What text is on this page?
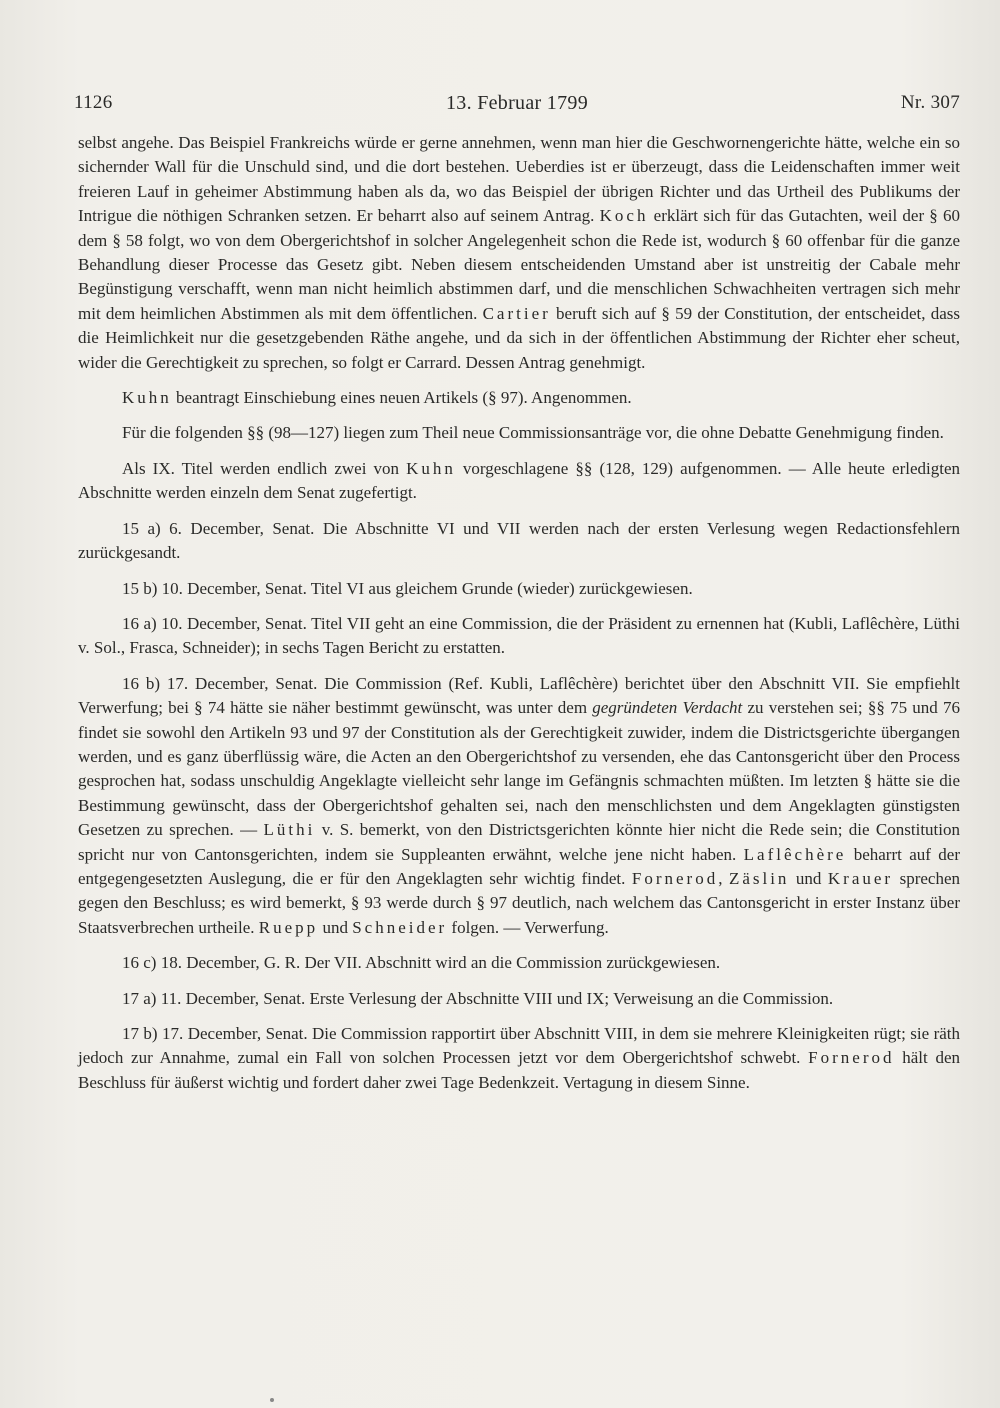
1126	13. Februar 1799	Nr. 307

selbst angehe. Das Beispiel Frankreichs würde er gerne annehmen, wenn man hier die Geschwornengerichte hätte, welche ein so sichernder Wall für die Unschuld sind, und die dort bestehen. Ueberdies ist er überzeugt, dass die Leidenschaften immer weit freieren Lauf in geheimer Abstimmung haben als da, wo das Beispiel der übrigen Richter und das Urtheil des Publikums der Intrigue die nöthigen Schranken setzen. Er beharrt also auf seinem Antrag. Koch erklärt sich für das Gutachten, weil der § 60 dem § 58 folgt, wo von dem Obergerichtshof in solcher Angelegenheit schon die Rede ist, wodurch § 60 offenbar für die ganze Behandlung dieser Processe das Gesetz gibt. Neben diesem entscheidenden Umstand aber ist unstreitig der Cabale mehr Begünstigung verschafft, wenn man nicht heimlich abstimmen darf, und die menschlichen Schwachheiten vertragen sich mehr mit dem heimlichen Abstimmen als mit dem öffentlichen. Cartier beruft sich auf § 59 der Constitution, der entscheidet, dass die Heimlichkeit nur die gesetzgebenden Räthe angehe, und da sich in der öffentlichen Abstimmung der Richter eher scheut, wider die Gerechtigkeit zu sprechen, so folgt er Carrard. Dessen Antrag genehmigt.

Kuhn beantragt Einschiebung eines neuen Artikels (§ 97). Angenommen.

Für die folgenden §§ (98—127) liegen zum Theil neue Commissionsanträge vor, die ohne Debatte Genehmigung finden.

Als IX. Titel werden endlich zwei von Kuhn vorgeschlagene §§ (128, 129) aufgenommen. — Alle heute erledigten Abschnitte werden einzeln dem Senat zugefertigt.

15 a) 6. December, Senat. Die Abschnitte VI und VII werden nach der ersten Verlesung wegen Redactionsfehlern zurückgesandt.

15 b) 10. December, Senat. Titel VI aus gleichem Grunde (wieder) zurückgewiesen.

16 a) 10. December, Senat. Titel VII geht an eine Commission, die der Präsident zu ernennen hat (Kubli, Laflêchère, Lüthi v. Sol., Frasca, Schneider); in sechs Tagen Bericht zu erstatten.

16 b) 17. December, Senat. Die Commission (Ref. Kubli, Laflêchère) berichtet über den Abschnitt VII. Sie empfiehlt Verwerfung; bei § 74 hätte sie näher bestimmt gewünscht, was unter dem gegründeten Verdacht zu verstehen sei; §§ 75 und 76 findet sie sowohl den Artikeln 93 und 97 der Constitution als der Gerechtigkeit zuwider, indem die Districtsgerichte übergangen werden, und es ganz überflüssig wäre, die Acten an den Obergerichtshof zu versenden, ehe das Cantonsgericht über den Process gesprochen hat, sodass unschuldig Angeklagte vielleicht sehr lange im Gefängnis schmachten müßten. Im letzten § hätte sie die Bestimmung gewünscht, dass der Obergerichtshof gehalten sei, nach den menschlichsten und dem Angeklagten günstigsten Gesetzen zu sprechen. — Lüthi v. S. bemerkt, von den Districtsgerichten könnte hier nicht die Rede sein; die Constitution spricht nur von Cantonsgerichten, indem sie Suppleanten erwähnt, welche jene nicht haben. Laflêchère beharrt auf der entgegengesetzten Auslegung, die er für den Angeklagten sehr wichtig findet. Fornerod, Zäslin und Krauer sprechen gegen den Beschluss; es wird bemerkt, § 93 werde durch § 97 deutlich, nach welchem das Cantonsgericht in erster Instanz über Staatsverbrechen urtheile. Ruepp und Schneider folgen. — Verwerfung.

16 c) 18. December, G. R. Der VII. Abschnitt wird an die Commission zurückgewiesen.

17 a) 11. December, Senat. Erste Verlesung der Abschnitte VIII und IX; Verweisung an die Commission.

17 b) 17. December, Senat. Die Commission rapportirt über Abschnitt VIII, in dem sie mehrere Kleinigkeiten rügt; sie räth jedoch zur Annahme, zumal ein Fall von solchen Processen jetzt vor dem Obergerichtshof schwebt. Fornerod hält den Beschluss für äußerst wichtig und fordert daher zwei Tage Bedenkzeit. Vertagung in diesem Sinne.
